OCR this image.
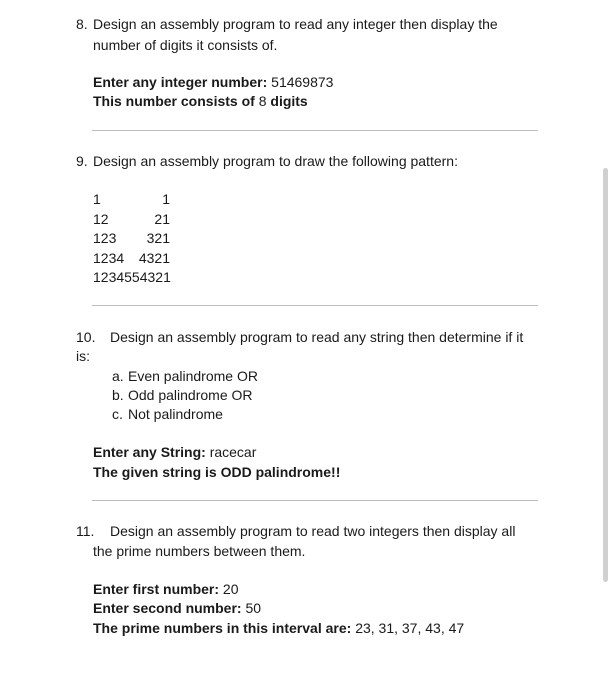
8. Design an assembly program to read any integer then display the
number of digits it consists of.
Enter any integer number: 51469873
This number consists of 8 digits
9. Design an assembly program to draw the following pattern:
1	1
12	21
123	321
1234	4321
1234554321
10. Design an assembly program to read any string then determine if it
is:
a. Even palindrome OR
b. Odd palindrome OR
c. Not palindrome
Enter any String: racecar
The given string is ODD palindrome!!
11. Design an assembly program to read two integers then display all
the prime numbers between them.
Enter first number: 20
Enter second number: 50
The prime numbers in this interval are: 23, 31, 37, 43, 47
